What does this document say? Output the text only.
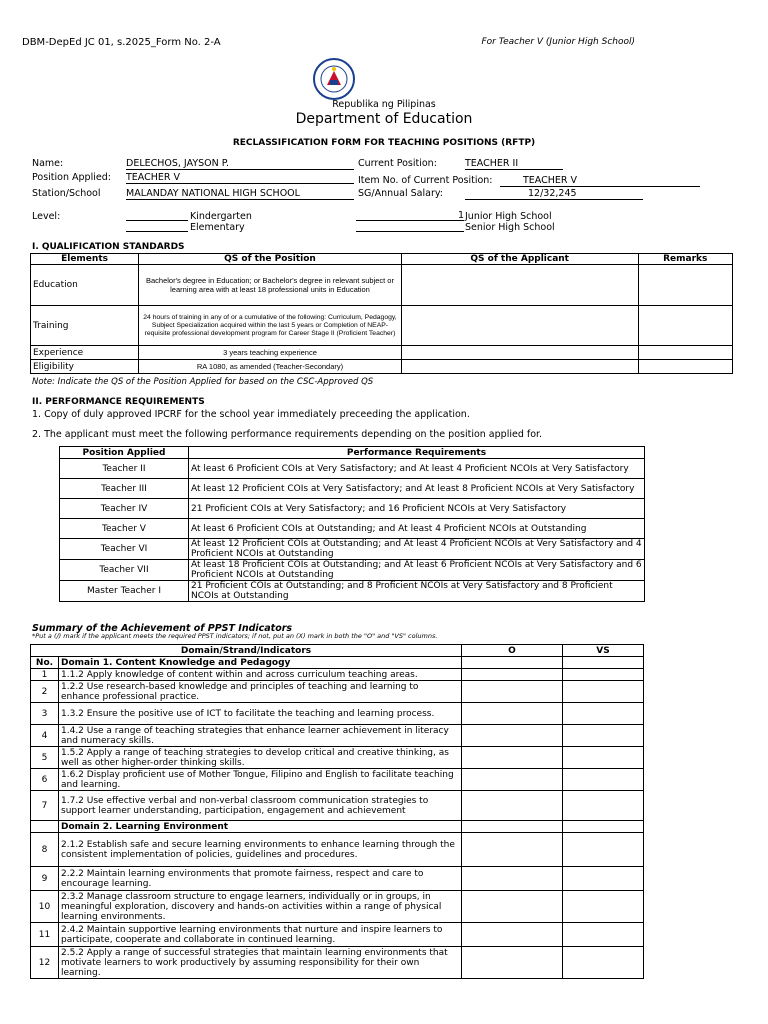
DBM-DepEd JC 01, s.2025_Form No. 2-A	For Teacher V (Junior High School)
Republika ng Pilipinas
Department of Education
RECLASSIFICATION FORM FOR TEACHING POSITIONS (RFTP)
Name:	DELECHOS, JAYSON P.
Position Applied: TEACHER V
Station/School	MALANDAY NATIONAL HIGH SCHOOL
Current Position:	TEACHER II
Item No. of Current Position:	TEACHER V
SG/Annual Salary:	12/32,245
Level:	Kindergarten
Elementary
1 Junior High School
Senior High School
I. QUALIFICATION STANDARDS
Elements	QS of the Position	QS of the Applicant	Remarks
Education	Bachelor's degree in Education; or Bachelor's degree in relevant subject or learning area with at least 18 professional units in Education		
Training	24 hours of training in any of or a cumulative of the following: Curriculum, Pedagogy, Subject Specialization acquired within the last 5 years or Completion of NEAP-requisite professional development program for Career Stage II (Proficient Teacher)		
Experience	3 years teaching experience		
Eligibility	RA 1080, as amended (Teacher-Secondary)		
Note: Indicate the QS of the Position Applied for based on the CSC-Approved QS
II. PERFORMANCE REQUIREMENTS
1. Copy of duly approved IPCRF for the school year immediately preceeding the application.
2. The applicant must meet the following performance requirements depending on the position applied for.
Position Applied	Performance Requirements
Teacher II	At least 6 Proficient COIs at Very Satisfactory; and At least 4 Proficient NCOIs at Very Satisfactory
Teacher III	At least 12 Proficient COIs at Very Satisfactory; and At least 8 Proficient NCOIs at Very Satisfactory
Teacher IV	21 Proficient COIs at Very Satisfactory; and 16 Proficient NCOIs at Very Satisfactory
Teacher V	At least 6 Proficient COIs at Outstanding; and At least 4 Proficient NCOIs at Outstanding
Teacher VI	At least 12 Proficient COIs at Outstanding; and At least 4 Proficient NCOIs at Very Satisfactory and 4 Proficient NCOIs at Outstanding
Teacher VII	At least 18 Proficient COIs at Outstanding; and At least 6 Proficient NCOIs at Very Satisfactory and 6 Proficient NCOIs at Outstanding
Master Teacher I	21 Proficient COIs at Outstanding; and 8 Proficient NCOIs at Very Satisfactory and 8 Proficient NCOIs at Outstanding
Summary of the Achievement of PPST Indicators
*Put a (/) mark if the applicant meets the required PPST indicators; if not, put an (X) mark in both the "O" and "VS" columns.
Domain/Strand/Indicators		O	VS
No.	Domain 1. Content Knowledge and Pedagogy		
1	1.1.2 Apply knowledge of content within and across curriculum teaching areas.		
2	1.2.2 Use research-based knowledge and principles of teaching and learning to enhance professional practice.		
3	1.3.2 Ensure the positive use of ICT to facilitate the teaching and learning process.		
4	1.4.2 Use a range of teaching strategies that enhance learner achievement in literacy and numeracy skills.		
5	1.5.2 Apply a range of teaching strategies to develop critical and creative thinking, as well as other higher-order thinking skills.		
6	1.6.2 Display proficient use of Mother Tongue, Filipino and English to facilitate teaching and learning.		
7	1.7.2 Use effective verbal and non-verbal classroom communication strategies to support learner understanding, participation, engagement and achievement		
	Domain 2. Learning Environment		
8	2.1.2 Establish safe and secure learning environments to enhance learning through the consistent implementation of policies, guidelines and procedures.		
9	2.2.2 Maintain learning environments that promote fairness, respect and care to encourage learning.		
10	2.3.2 Manage classroom structure to engage learners, individually or in groups, in meaningful exploration, discovery and hands-on activities within a range of physical learning environments.		
11	2.4.2 Maintain supportive learning environments that nurture and inspire learners to participate, cooperate and collaborate in continued learning.		
12	2.5.2 Apply a range of successful strategies that maintain learning environments that motivate learners to work productively by assuming responsibility for their own learning.		
